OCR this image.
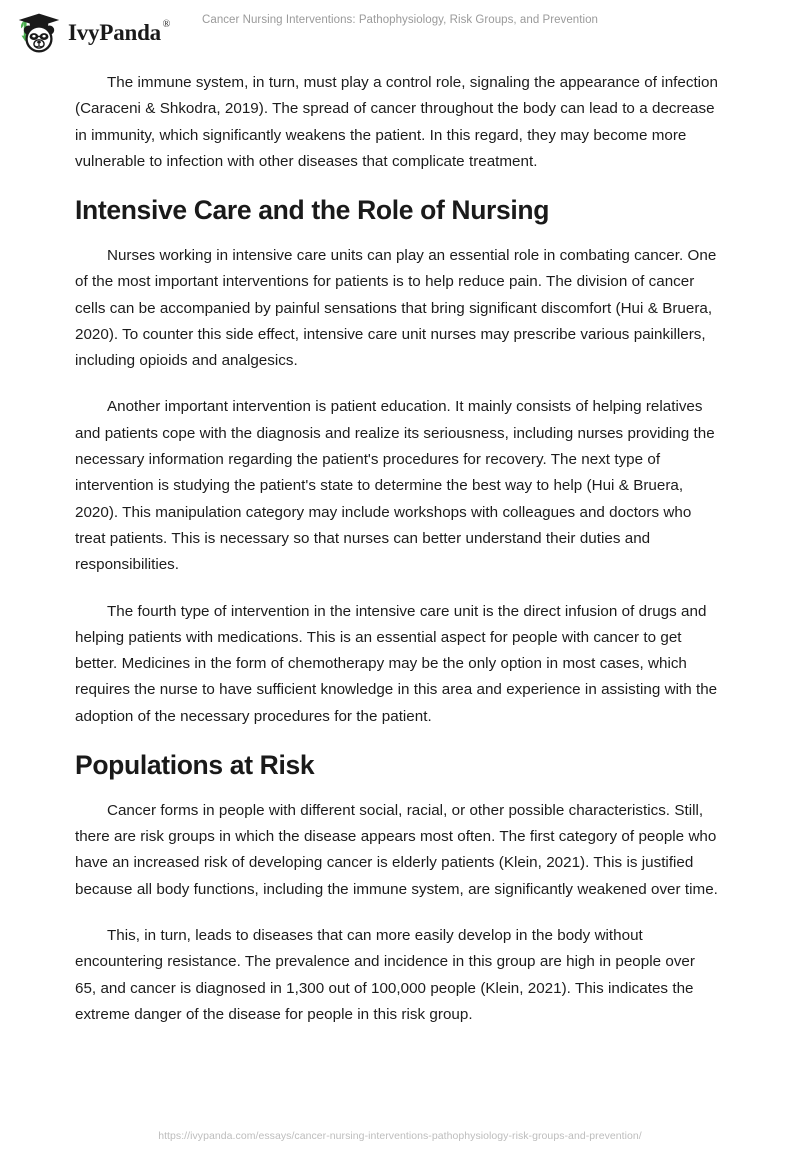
IvyPanda ®	Cancer Nursing Interventions: Pathophysiology, Risk Groups, and Prevention

The immune system, in turn, must play a control role, signaling the appearance of infection (Caraceni & Shkodra, 2019). The spread of cancer throughout the body can lead to a decrease in immunity, which significantly weakens the patient. In this regard, they may become more vulnerable to infection with other diseases that complicate treatment.

Intensive Care and the Role of Nursing

Nurses working in intensive care units can play an essential role in combating cancer. One of the most important interventions for patients is to help reduce pain. The division of cancer cells can be accompanied by painful sensations that bring significant discomfort (Hui & Bruera, 2020). To counter this side effect, intensive care unit nurses may prescribe various painkillers, including opioids and analgesics.

Another important intervention is patient education. It mainly consists of helping relatives and patients cope with the diagnosis and realize its seriousness, including nurses providing the necessary information regarding the patient's procedures for recovery. The next type of intervention is studying the patient's state to determine the best way to help (Hui & Bruera, 2020). This manipulation category may include workshops with colleagues and doctors who treat patients. This is necessary so that nurses can better understand their duties and responsibilities.

The fourth type of intervention in the intensive care unit is the direct infusion of drugs and helping patients with medications. This is an essential aspect for people with cancer to get better. Medicines in the form of chemotherapy may be the only option in most cases, which requires the nurse to have sufficient knowledge in this area and experience in assisting with the adoption of the necessary procedures for the patient.

Populations at Risk

Cancer forms in people with different social, racial, or other possible characteristics. Still, there are risk groups in which the disease appears most often. The first category of people who have an increased risk of developing cancer is elderly patients (Klein, 2021). This is justified because all body functions, including the immune system, are significantly weakened over time.

This, in turn, leads to diseases that can more easily develop in the body without encountering resistance. The prevalence and incidence in this group are high in people over 65, and cancer is diagnosed in 1,300 out of 100,000 people (Klein, 2021). This indicates the extreme danger of the disease for people in this risk group.

https://ivypanda.com/essays/cancer-nursing-interventions-pathophysiology-risk-groups-and-prevention/
